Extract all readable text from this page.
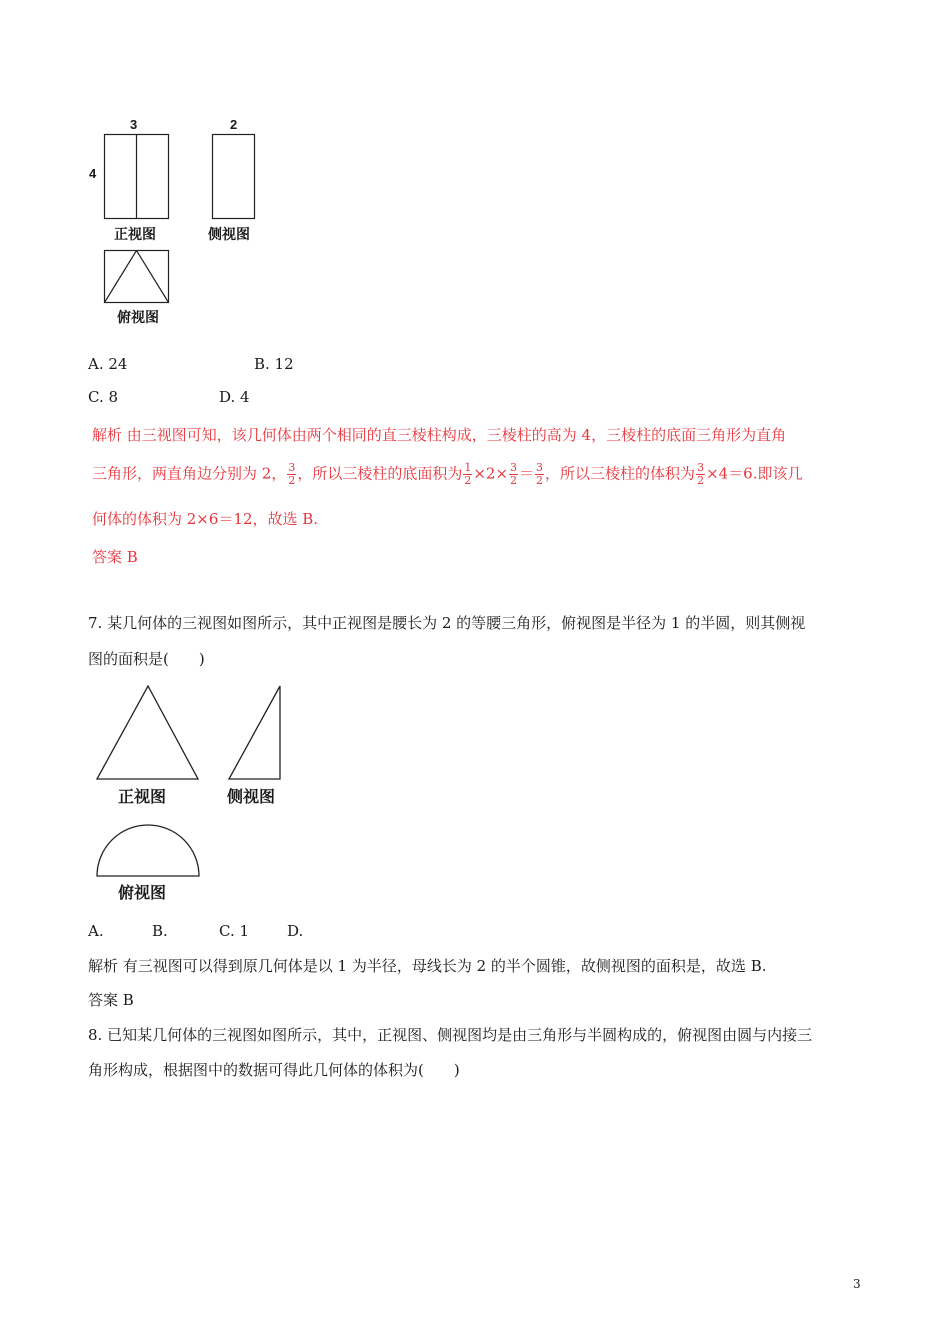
3
4
2
正视图	侧视图
俯视图
A. 24	B. 12
C. 8	D. 4
解析 由三视图可知，该几何体由两个相同的直三棱柱构成，三棱柱的高为 4，三棱柱的底面三角形为直角
三角形，两直角边分别为 2， $\frac{3}{2}$ ，所以三棱柱的底面积为 $\frac{1}{2} \times 2\times \frac{3}{2} = \frac{3}{2}$ ，所以三棱柱的体积为 $\frac{3}{2} \times 4=6$.即该几
何体的体积为 2×6＝12，故选 B.
答案 B
7. 某几何体的三视图如图所示，其中正视图是腰长为 2 的等腰三角形，俯视图是半径为 1 的半圆，则其侧视
图的面积是(　　)
正视图	侧视图
俯视图
A.	B.	C. 1	D.
解析 有三视图可以得到原几何体是以 1 为半径，母线长为 2 的半个圆锥，故侧视图的面积是，故选 B.
答案 B
8. 已知某几何体的三视图如图所示，其中，正视图、侧视图均是由三角形与半圆构成的，俯视图由圆与内接三
角形构成，根据图中的数据可得此几何体的体积为(　　)
3
